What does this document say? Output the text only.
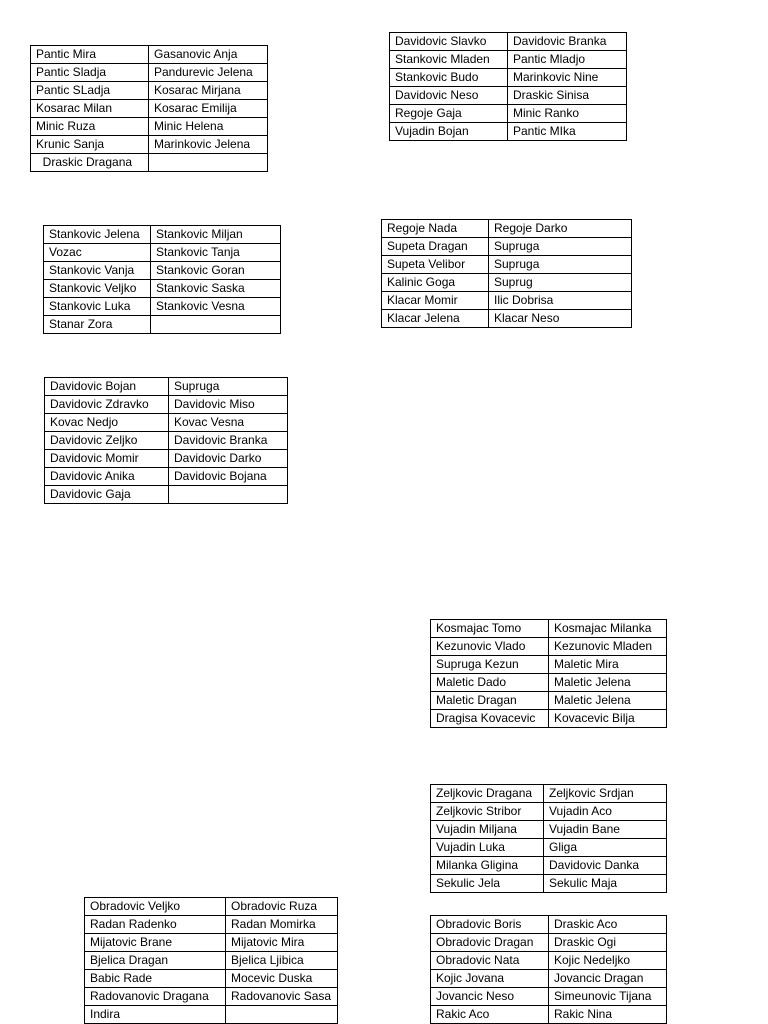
Pantic Mira	Gasanovic Anja
Pantic Sladja	Pandurevic Jelena
Pantic SLadja	Kosarac Mirjana
Kosarac Milan	Kosarac Emilija
Minic Ruza	Minic Helena
Krunic Sanja	Marinkovic Jelena
Draskic Dragana	
Davidovic Slavko	Davidovic Branka
Stankovic Mladen	Pantic Mladjo
Stankovic Budo	Marinkovic Nine
Davidovic Neso	Draskic Sinisa
Regoje Gaja	Minic Ranko
Vujadin Bojan	Pantic MIka
Stankovic Jelena	Stankovic Miljan
Vozac	Stankovic Tanja
Stankovic Vanja	Stankovic Goran
Stankovic Veljko	Stankovic Saska
Stankovic Luka	Stankovic Vesna
Stanar Zora	
Regoje Nada	Regoje Darko
Supeta Dragan	Supruga
Supeta Velibor	Supruga
Kalinic Goga	Suprug
Klacar Momir	Ilic Dobrisa
Klacar Jelena	Klacar Neso
Davidovic Bojan	Supruga
Davidovic Zdravko	Davidovic Miso
Kovac Nedjo	Kovac Vesna
Davidovic Zeljko	Davidovic Branka
Davidovic Momir	Davidovic Darko
Davidovic Anika	Davidovic Bojana
Davidovic Gaja	
Kosmajac Tomo	Kosmajac Milanka
Kezunovic Vlado	Kezunovic Mladen
Supruga Kezun	Maletic Mira
Maletic Dado	Maletic Jelena
Maletic Dragan	Maletic Jelena
Dragisa Kovacevic	Kovacevic Bilja
Zeljkovic Dragana	Zeljkovic Srdjan
Zeljkovic Stribor	Vujadin Aco
Vujadin Miljana	Vujadin Bane
Vujadin Luka	Gliga
Milanka Gligina	Davidovic Danka
Sekulic Jela	Sekulic Maja
Obradovic Veljko	Obradovic Ruza
Radan Radenko	Radan Momirka
Mijatovic Brane	Mijatovic Mira
Bjelica Dragan	Bjelica Ljibica
Babic Rade	Mocevic Duska
Radovanovic Dragana	Radovanovic Sasa
Indira	
Obradovic Boris	Draskic Aco
Obradovic Dragan	Draskic Ogi
Obradovic Nata	Kojic Nedeljko
Kojic Jovana	Jovancic Dragan
Jovancic Neso	Simeunovic Tijana
Rakic Aco	Rakic Nina
